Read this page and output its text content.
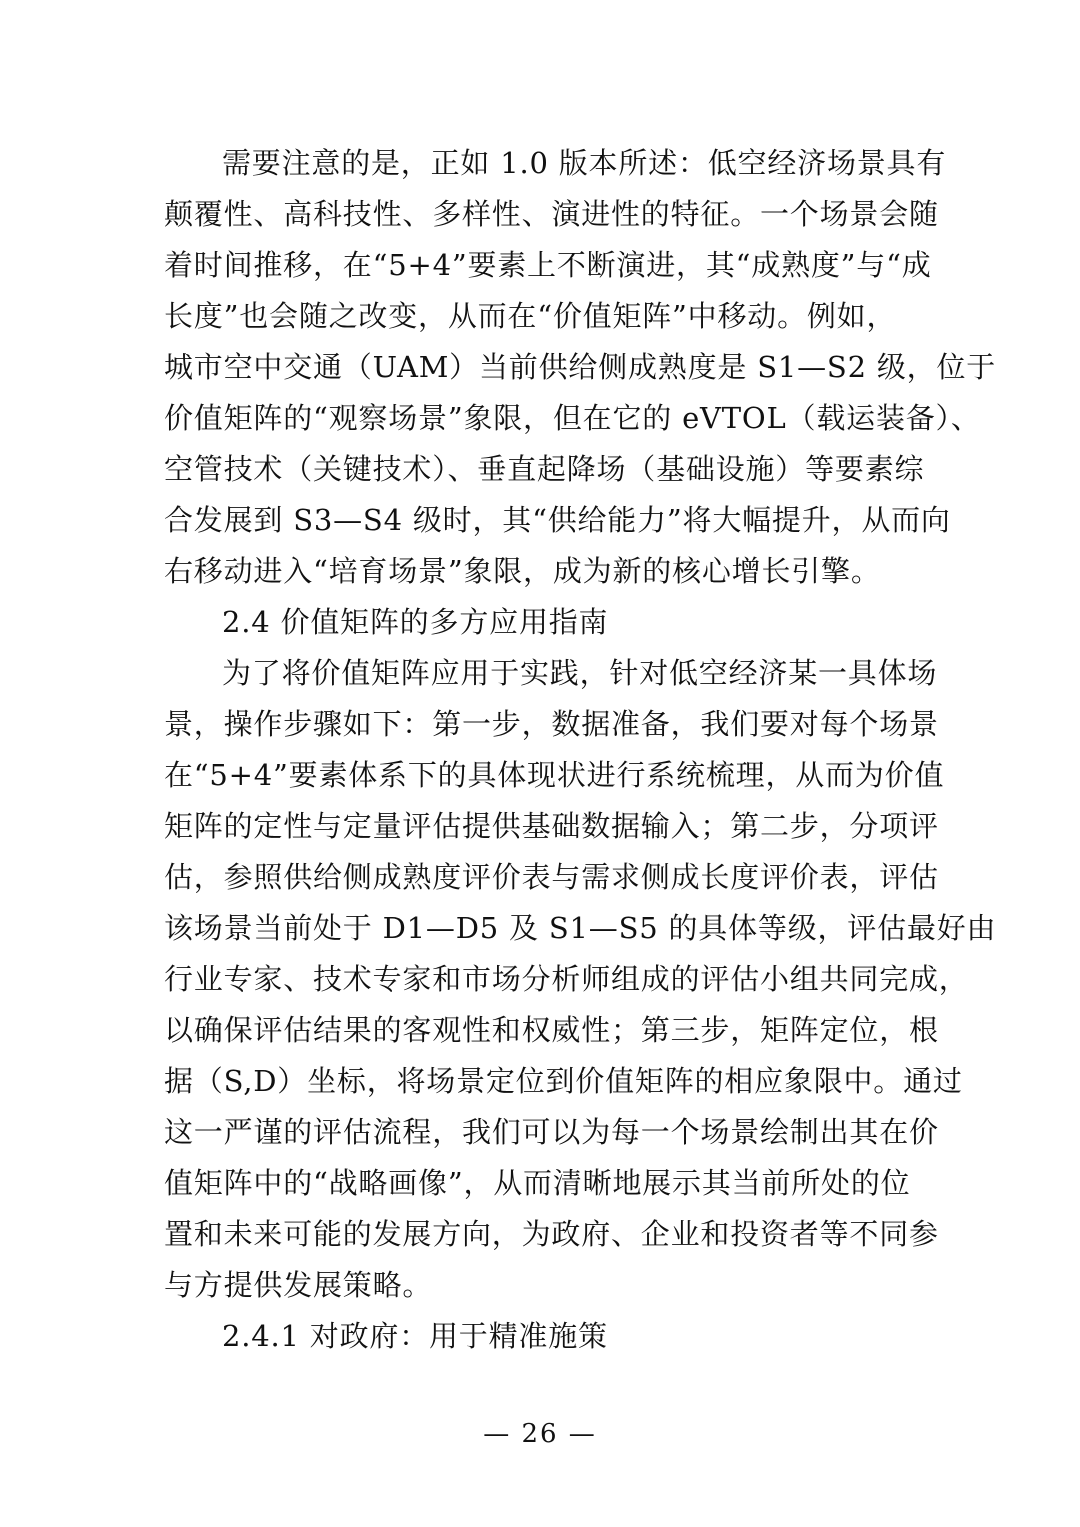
需要注意的是，正如 1.0 版本所述：低空经济场景具有
颠覆性、高科技性、多样性、演进性的特征。一个场景会随
着时间推移，在“5+4”要素上不断演进，其“成熟度”与“成
长度”也会随之改变，从而在“价值矩阵”中移动。例如，
城市空中交通（UAM）当前供给侧成熟度是 S1—S2 级，位于
价值矩阵的“观察场景”象限，但在它的 eVTOL（载运装备）、
空管技术（关键技术）、垂直起降场（基础设施）等要素综
合发展到 S3—S4 级时，其“供给能力”将大幅提升，从而向
右移动进入“培育场景”象限，成为新的核心增长引擎。
2.4 价值矩阵的多方应用指南
为了将价值矩阵应用于实践，针对低空经济某一具体场
景，操作步骤如下：第一步，数据准备，我们要对每个场景
在“5+4”要素体系下的具体现状进行系统梳理，从而为价值
矩阵的定性与定量评估提供基础数据输入；第二步，分项评
估，参照供给侧成熟度评价表与需求侧成长度评价表，评估
该场景当前处于 D1—D5 及 S1—S5 的具体等级，评估最好由
行业专家、技术专家和市场分析师组成的评估小组共同完成，
以确保评估结果的客观性和权威性；第三步，矩阵定位，根
据（S,D）坐标，将场景定位到价值矩阵的相应象限中。通过
这一严谨的评估流程，我们可以为每一个场景绘制出其在价
值矩阵中的“战略画像”，从而清晰地展示其当前所处的位
置和未来可能的发展方向，为政府、企业和投资者等不同参
与方提供发展策略。
2.4.1 对政府：用于精准施策
— 26 —
